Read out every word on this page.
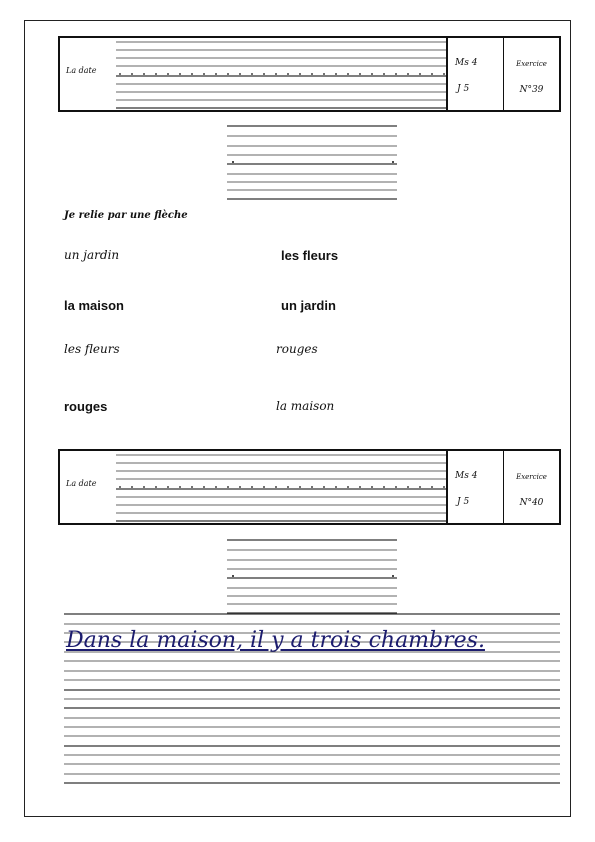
La date
Ms 4
J 5
Exercice
N°39
Je relie par une flèche
un jardin
la maison
les fleurs
rouges
les fleurs
un jardin
rouges
la maison
La date
Ms 4
J 5
Exercice
N°40
Dans la maison, il y a trois chambres.
